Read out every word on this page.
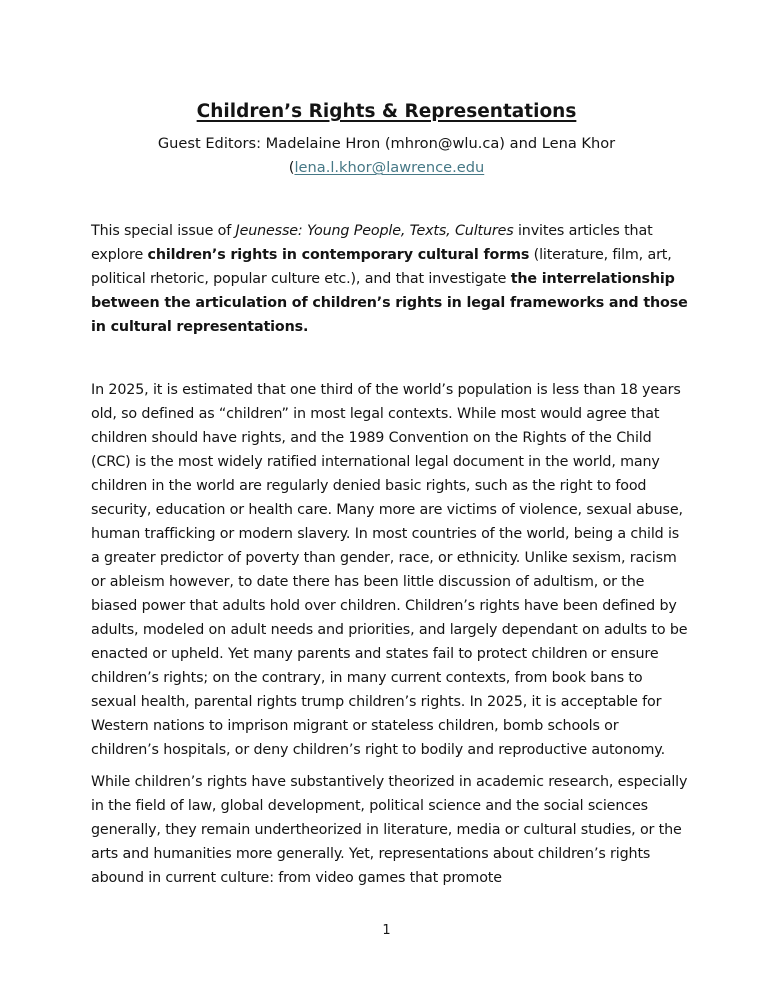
Children’s Rights & Representations
Guest Editors: Madelaine Hron (mhron@wlu.ca) and Lena Khor
(lena.l.khor@lawrence.edu

This special issue of Jeunesse: Young People, Texts, Cultures invites articles that explore children’s rights in contemporary cultural forms (literature, film, art, political rhetoric, popular culture etc.), and that investigate the interrelationship between the articulation of children’s rights in legal frameworks and those in cultural representations.

In 2025, it is estimated that one third of the world’s population is less than 18 years old, so defined as “children” in most legal contexts. While most would agree that children should have rights, and the 1989 Convention on the Rights of the Child (CRC) is the most widely ratified international legal document in the world, many children in the world are regularly denied basic rights, such as the right to food security, education or health care. Many more are victims of violence, sexual abuse, human trafficking or modern slavery. In most countries of the world, being a child is a greater predictor of poverty than gender, race, or ethnicity. Unlike sexism, racism or ableism however, to date there has been little discussion of adultism, or the biased power that adults hold over children. Children’s rights have been defined by adults, modeled on adult needs and priorities, and largely dependant on adults to be enacted or upheld. Yet many parents and states fail to protect children or ensure children’s rights; on the contrary, in many current contexts, from book bans to sexual health, parental rights trump children’s rights. In 2025, it is acceptable for Western nations to imprison migrant or stateless children, bomb schools or children’s hospitals, or deny children’s right to bodily and reproductive autonomy.

While children’s rights have substantively theorized in academic research, especially in the field of law, global development, political science and the social sciences generally, they remain undertheorized in literature, media or cultural studies, or the arts and humanities more generally. Yet, representations about children’s rights abound in current culture: from video games that promote

1
